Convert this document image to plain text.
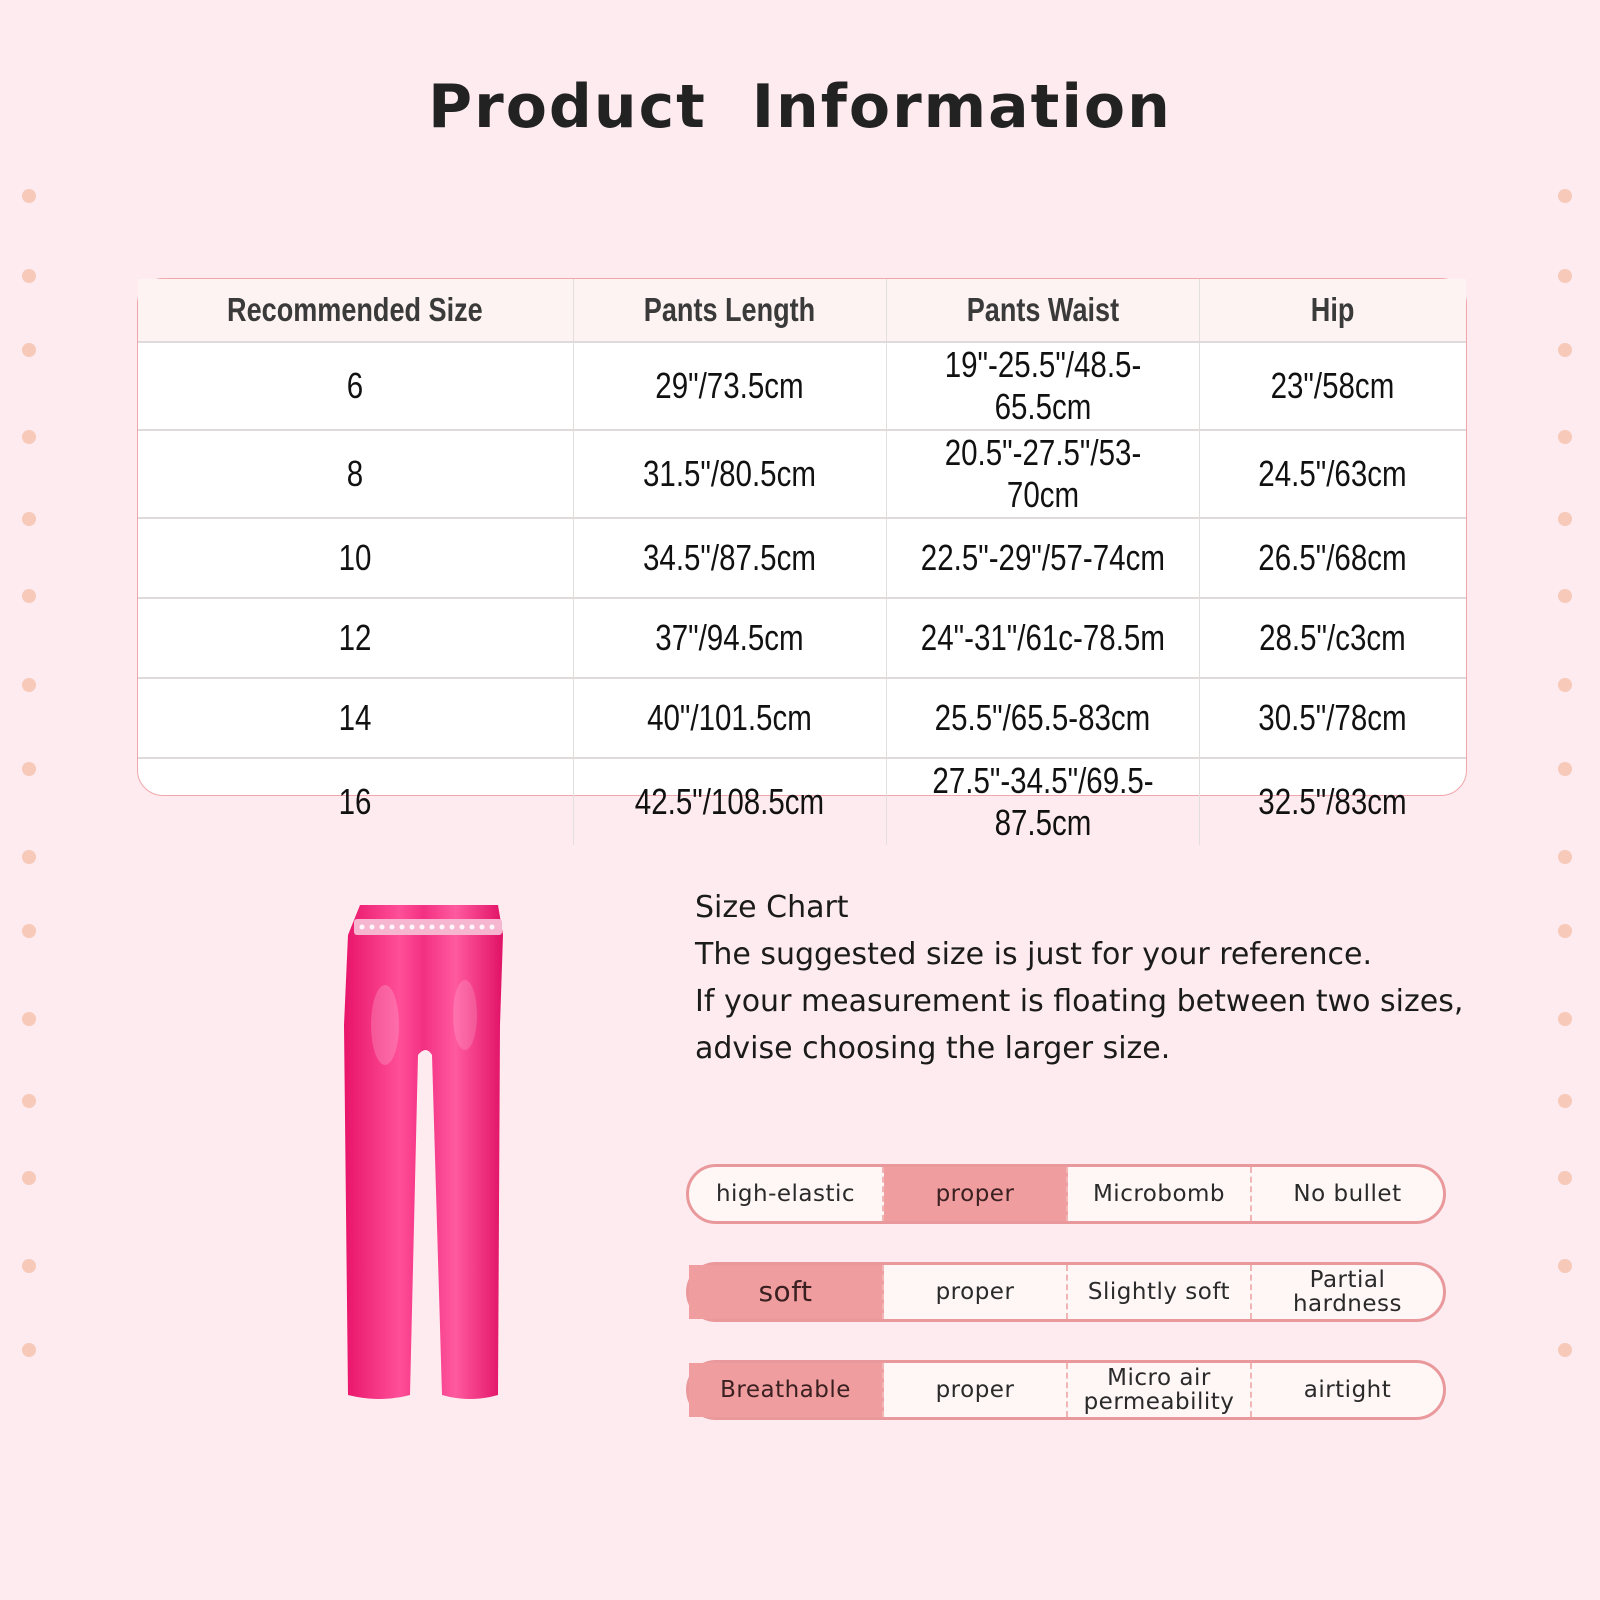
Product Information
Recommended Size	Pants Length	Pants Waist	Hip
6	29"/73.5cm	19"-25.5"/48.5-65.5cm	23"/58cm
8	31.5"/80.5cm	20.5"-27.5"/53-70cm	24.5"/63cm
10	34.5"/87.5cm	22.5"-29"/57-74cm	26.5"/68cm
12	37"/94.5cm	24"-31"/61c-78.5m	28.5"/c3cm
14	40"/101.5cm	25.5"/65.5-83cm	30.5"/78cm
16	42.5"/108.5cm	27.5"-34.5"/69.5-87.5cm	32.5"/83cm
Size Chart
The suggested size is just for your reference.
If your measurement is floating between two sizes,
advise choosing the larger size.
high-elastic	proper	Microbomb	No bullet
soft	proper	Slightly soft	Partial hardness
Breathable	proper	Micro air permeability	airtight
